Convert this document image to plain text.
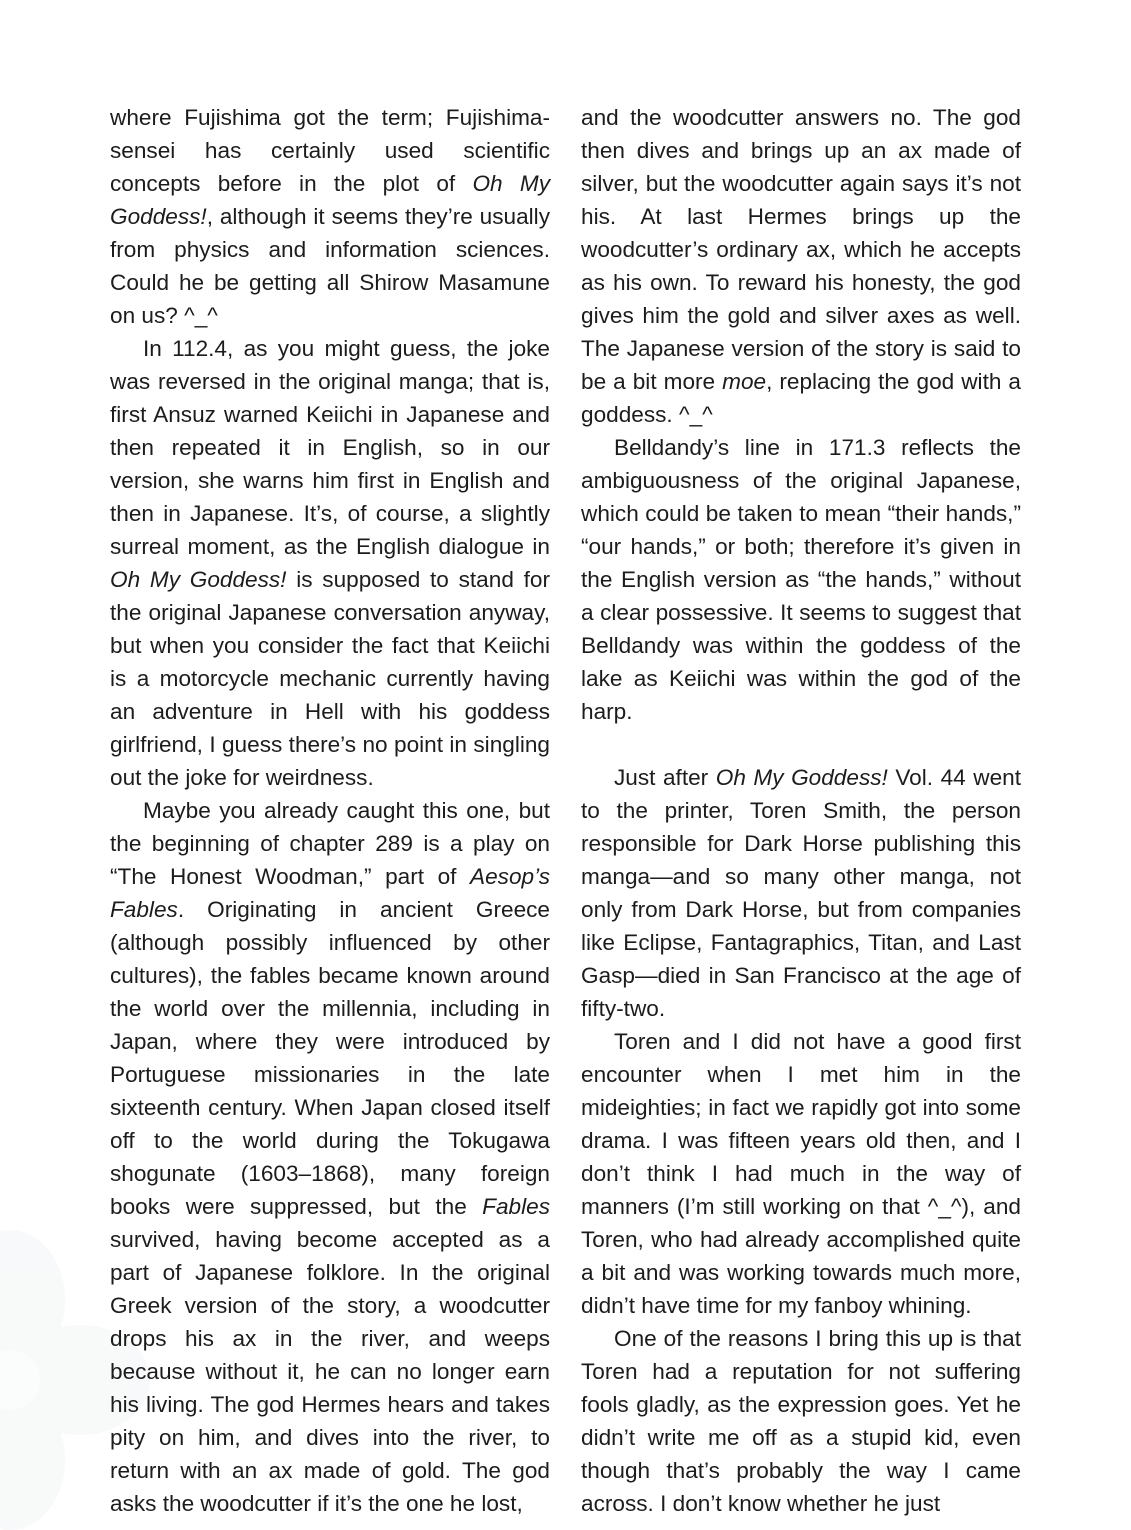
where Fujishima got the term; Fujishima-sensei has certainly used scientific concepts before in the plot of Oh My Goddess!, although it seems they’re usually from physics and information sciences. Could he be getting all Shirow Masamune on us? ^_^

In 112.4, as you might guess, the joke was reversed in the original manga; that is, first Ansuz warned Keiichi in Japanese and then repeated it in English, so in our version, she warns him first in English and then in Japanese. It’s, of course, a slightly surreal moment, as the English dialogue in Oh My Goddess! is supposed to stand for the original Japanese conversation anyway, but when you consider the fact that Keiichi is a motorcycle mechanic currently having an adventure in Hell with his goddess girlfriend, I guess there’s no point in singling out the joke for weirdness.

Maybe you already caught this one, but the beginning of chapter 289 is a play on “The Honest Woodman,” part of Aesop’s Fables. Originating in ancient Greece (although possibly influenced by other cultures), the fables became known around the world over the millennia, including in Japan, where they were introduced by Portuguese missionaries in the late sixteenth century. When Japan closed itself off to the world during the Tokugawa shogunate (1603–1868), many foreign books were suppressed, but the Fables survived, having become accepted as a part of Japanese folklore. In the original Greek version of the story, a woodcutter drops his ax in the river, and weeps because without it, he can no longer earn his living. The god Hermes hears and takes pity on him, and dives into the river, to return with an ax made of gold. The god asks the woodcutter if it’s the one he lost,

and the woodcutter answers no. The god then dives and brings up an ax made of silver, but the woodcutter again says it’s not his. At last Hermes brings up the woodcutter’s ordinary ax, which he accepts as his own. To reward his honesty, the god gives him the gold and silver axes as well. The Japanese version of the story is said to be a bit more moe, replacing the god with a goddess. ^_^

Belldandy’s line in 171.3 reflects the ambiguousness of the original Japanese, which could be taken to mean “their hands,” “our hands,” or both; therefore it’s given in the English version as “the hands,” without a clear possessive. It seems to suggest that Belldandy was within the goddess of the lake as Keiichi was within the god of the harp.

Just after Oh My Goddess! Vol. 44 went to the printer, Toren Smith, the person responsible for Dark Horse publishing this manga—and so many other manga, not only from Dark Horse, but from companies like Eclipse, Fantagraphics, Titan, and Last Gasp—died in San Francisco at the age of fifty-two.

Toren and I did not have a good first encounter when I met him in the mideighties; in fact we rapidly got into some drama. I was fifteen years old then, and I don’t think I had much in the way of manners (I’m still working on that ^_^), and Toren, who had already accomplished quite a bit and was working towards much more, didn’t have time for my fanboy whining.

One of the reasons I bring this up is that Toren had a reputation for not suffering fools gladly, as the expression goes. Yet he didn’t write me off as a stupid kid, even though that’s probably the way I came across. I don’t know whether he just
